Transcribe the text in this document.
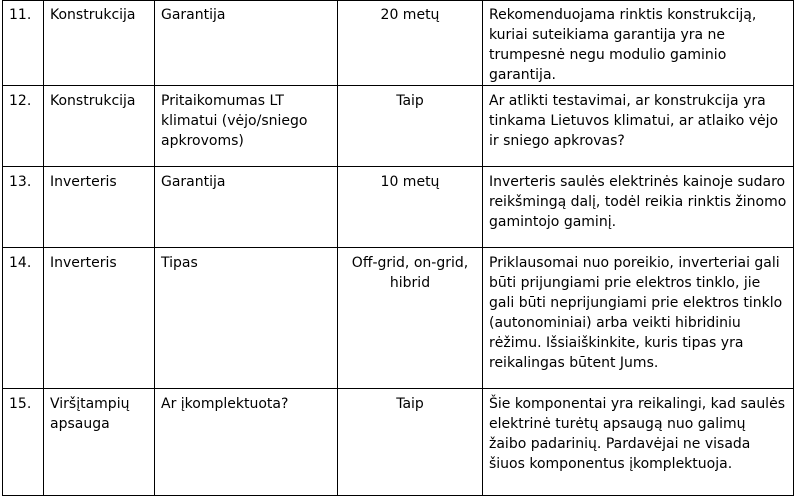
11.	Konstrukcija	Garantija	20 metų	Rekomenduojama rinktis konstrukciją, kuriai suteikiama garantija yra ne trumpesnė negu modulio gaminio garantija.
12.	Konstrukcija	Pritaikomumas LT klimatui (vėjo/sniego apkrovoms)	Taip	Ar atlikti testavimai, ar konstrukcija yra tinkama Lietuvos klimatui, ar atlaiko vėjo ir sniego apkrovas?
13.	Inverteris	Garantija	10 metų	Inverteris saulės elektrinės kainoje sudaro reikšmingą dalį, todėl reikia rinktis žinomo gamintojo gaminį.
14.	Inverteris	Tipas	Off-grid, on-grid, hibrid	Priklausomai nuo poreikio, inverteriai gali būti prijungiami prie elektros tinklo, jie gali būti neprijungiami prie elektros tinklo (autonominiai) arba veikti hibridiniu rėžimu. Išsiaiškinkite, kuris tipas yra reikalingas būtent Jums.
15.	Viršįtampių apsauga	Ar įkomplektuota?	Taip	Šie komponentai yra reikalingi, kad saulės elektrinė turėtų apsaugą nuo galimų žaibo padarinių. Pardavėjai ne visada šiuos komponentus įkomplektuoja.
